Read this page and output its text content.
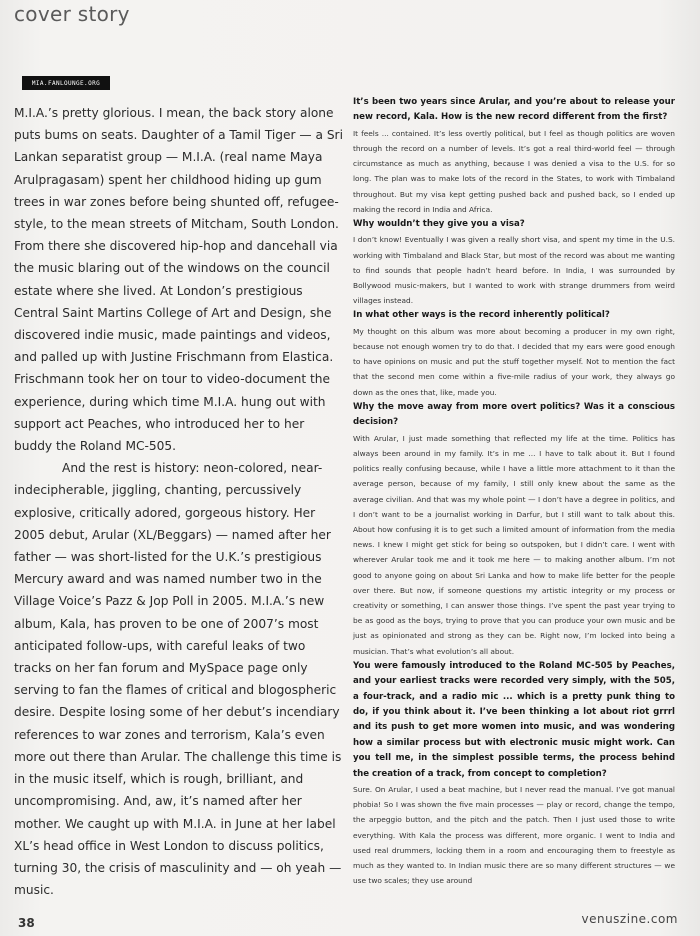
cover story
MIA.FANLOUNGE.ORG

M.I.A.’s pretty glorious. I mean, the back story alone puts bums on seats. Daughter of a Tamil Tiger — a Sri Lankan separatist group — M.I.A. (real name Maya Arulpragasam) spent her childhood hiding up gum trees in war zones before being shunted off, refugee-style, to the mean streets of Mitcham, South London. From there she discovered hip-hop and dancehall via the music blaring out of the windows on the council estate where she lived. At London’s prestigious Central Saint Martins College of Art and Design, she discovered indie music, made paintings and videos, and palled up with Justine Frischmann from Elastica. Frischmann took her on tour to video-document the experience, during which time M.I.A. hung out with support act Peaches, who introduced her to her buddy the Roland MC-505.

And the rest is history: neon-colored, near-indecipherable, jiggling, chanting, percussively explosive, critically adored, gorgeous history. Her 2005 debut, Arular (XL/Beggars) — named after her father — was short-listed for the U.K.’s prestigious Mercury award and was named number two in the Village Voice’s Pazz & Jop Poll in 2005. M.I.A.’s new album, Kala, has proven to be one of 2007’s most anticipated follow-ups, with careful leaks of two tracks on her fan forum and MySpace page only serving to fan the flames of critical and blogospheric desire. Despite losing some of her debut’s incendiary references to war zones and terrorism, Kala’s even more out there than Arular. The challenge this time is in the music itself, which is rough, brilliant, and uncompromising. And, aw, it’s named after her mother. We caught up with M.I.A. in June at her label XL’s head office in West London to discuss politics, turning 30, the crisis of masculinity and — oh yeah — music.

It’s been two years since Arular, and you’re about to release your new record, Kala. How is the new record different from the first?
It feels ... contained. It’s less overtly political, but I feel as though politics are woven through the record on a number of levels. It’s got a real third-world feel — through circumstance as much as anything, because I was denied a visa to the U.S. for so long. The plan was to make lots of the record in the States, to work with Timbaland throughout. But my visa kept getting pushed back and pushed back, so I ended up making the record in India and Africa.
Why wouldn’t they give you a visa?
I don’t know! Eventually I was given a really short visa, and spent my time in the U.S. working with Timbaland and Black Star, but most of the record was about me wanting to find sounds that people hadn’t heard before. In India, I was surrounded by Bollywood music-makers, but I wanted to work with strange drummers from weird villages instead.
In what other ways is the record inherently political?
My thought on this album was more about becoming a producer in my own right, because not enough women try to do that. I decided that my ears were good enough to have opinions on music and put the stuff together myself. Not to mention the fact that the second men come within a five-mile radius of your work, they always go down as the ones that, like, made you.
Why the move away from more overt politics? Was it a conscious decision?
With Arular, I just made something that reflected my life at the time. Politics has always been around in my family. It’s in me ... I have to talk about it. But I found politics really confusing because, while I have a little more attachment to it than the average person, because of my family, I still only knew about the same as the average civilian. And that was my whole point — I don’t have a degree in politics, and I don’t want to be a journalist working in Darfur, but I still want to talk about this. About how confusing it is to get such a limited amount of information from the media news. I knew I might get stick for being so outspoken, but I didn’t care. I went with wherever Arular took me and it took me here — to making another album. I’m not good to anyone going on about Sri Lanka and how to make life better for the people over there. But now, if someone questions my artistic integrity or my process or creativity or something, I can answer those things. I’ve spent the past year trying to be as good as the boys, trying to prove that you can produce your own music and be just as opinionated and strong as they can be. Right now, I’m locked into being a musician. That’s what evolution’s all about.
You were famously introduced to the Roland MC-505 by Peaches, and your earliest tracks were recorded very simply, with the 505, a four-track, and a radio mic ... which is a pretty punk thing to do, if you think about it. I’ve been thinking a lot about riot grrrl and its push to get more women into music, and was wondering how a similar process but with electronic music might work. Can you tell me, in the simplest possible terms, the process behind the creation of a track, from concept to completion?
Sure. On Arular, I used a beat machine, but I never read the manual. I’ve got manual phobia! So I was shown the five main processes — play or record, change the tempo, the arpeggio button, and the pitch and the patch. Then I just used those to write everything. With Kala the process was different, more organic. I went to India and used real drummers, locking them in a room and encouraging them to freestyle as much as they wanted to. In Indian music there are so many different structures — we use two scales; they use around
38	venuszine.com
